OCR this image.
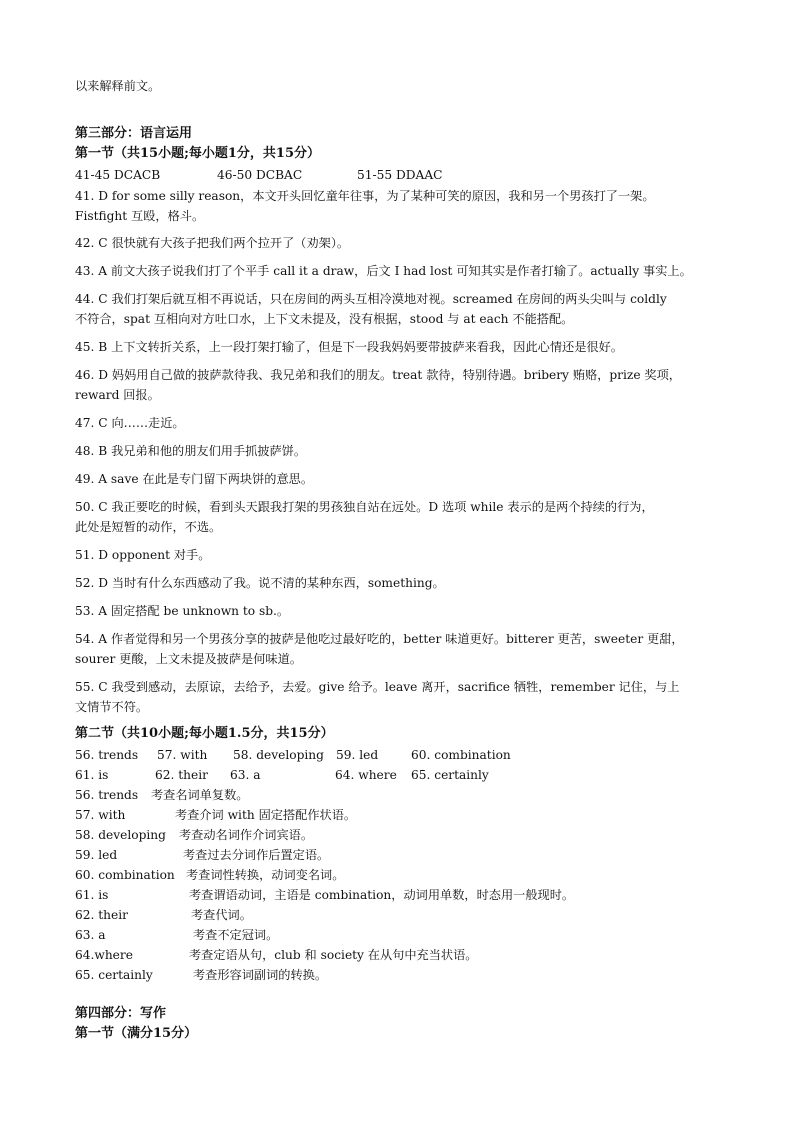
以来解释前文。
第三部分：语言运用
第一节（共15小题;每小题1分，共15分）
41-45 DCACB	46-50 DCBAC	51-55 DDAAC
41. D for some silly reason，本文开头回忆童年往事，为了某种可笑的原因，我和另一个男孩打了一架。
Fistfight 互殴，格斗。
42. C 很快就有大孩子把我们两个拉开了（劝架）。
43. A 前文大孩子说我们打了个平手 call it a draw，后文 I had lost 可知其实是作者打输了。actually 事实上。
44. C 我们打架后就互相不再说话，只在房间的两头互相冷漠地对视。screamed 在房间的两头尖叫与 coldly
不符合，spat 互相向对方吐口水，上下文未提及，没有根据，stood 与 at each 不能搭配。
45. B 上下文转折关系，上一段打架打输了，但是下一段我妈妈要带披萨来看我，因此心情还是很好。
46. D 妈妈用自己做的披萨款待我、我兄弟和我们的朋友。treat 款待，特别待遇。bribery 贿赂，prize 奖项，
reward 回报。
47. C 向……走近。
48. B 我兄弟和他的朋友们用手抓披萨饼。
49. A save 在此是专门留下两块饼的意思。
50. C 我正要吃的时候，看到头天跟我打架的男孩独自站在远处。D 选项 while 表示的是两个持续的行为，
此处是短暂的动作，不选。
51. D opponent 对手。
52. D 当时有什么东西感动了我。说不清的某种东西，something。
53. A 固定搭配 be unknown to sb.。
54. A 作者觉得和另一个男孩分享的披萨是他吃过最好吃的，better 味道更好。bitterer 更苦，sweeter 更甜，
sourer 更酸，上文未提及披萨是何味道。
55. C 我受到感动，去原谅，去给予，去爱。give 给予。leave 离开，sacrifice 牺牲，remember 记住，与上
文情节不符。
第二节（共10小题;每小题1.5分，共15分）
56. trends 57. with 58. developing 59. led	60. combination
61. is	62. their 63. a	64. where 65. certainly
56. trends 考查名词单复数。
57. with	考查介词 with 固定搭配作状语。
58. developing 考查动名词作介词宾语。
59. led	考查过去分词作后置定语。
60. combination 考查词性转换，动词变名词。
61. is	考查谓语动词，主语是 combination，动词用单数，时态用一般现时。
62. their	考查代词。
63. a	考查不定冠词。
64.where	考查定语从句，club 和 society 在从句中充当状语。
65. certainly	考查形容词副词的转换。
第四部分：写作
第一节（满分15分）
